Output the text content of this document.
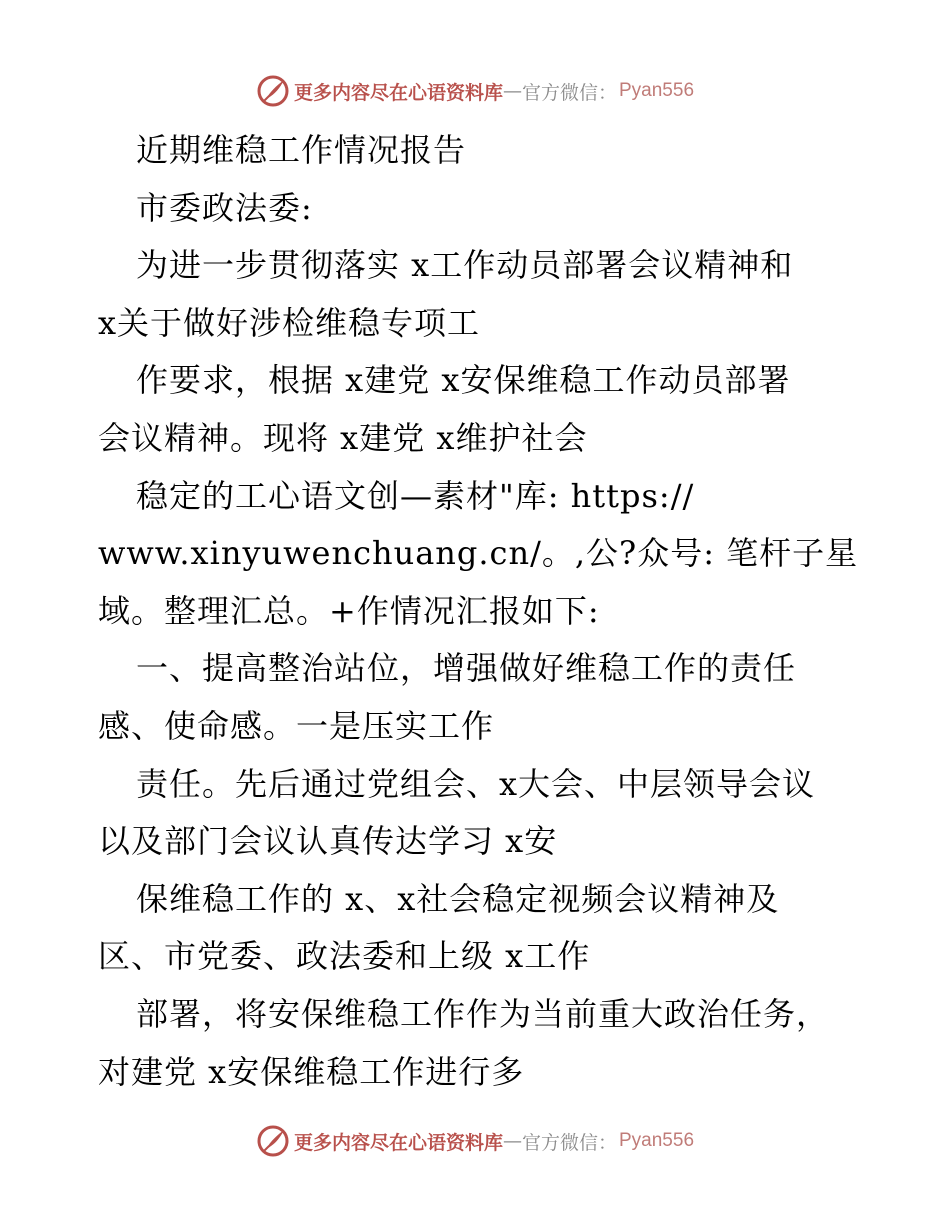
更多内容尽在心语资料库 — 官方微信： Pyan556
近期维稳工作情况报告
市委政法委:
为进一步贯彻落实 x工作动员部署会议精神和
x关于做好涉检维稳专项工
作要求，根据 x建党 x安保维稳工作动员部署
会议精神。现将 x建党 x维护社会
稳定的工心语文创—素材"库: https://
www.xinyuwenchuang.cn/。,公?众号: 笔杆子星
域。整理汇总。+作情况汇报如下:
一、提高整治站位，增强做好维稳工作的责任
感、使命感。一是压实工作
责任。先后通过党组会、x大会、中层领导会议
以及部门会议认真传达学习 x安
保维稳工作的 x、x社会稳定视频会议精神及
区、市党委、政法委和上级 x工作
部署，将安保维稳工作作为当前重大政治任务，
对建党 x安保维稳工作进行多
更多内容尽在心语资料库 — 官方微信： Pyan556
